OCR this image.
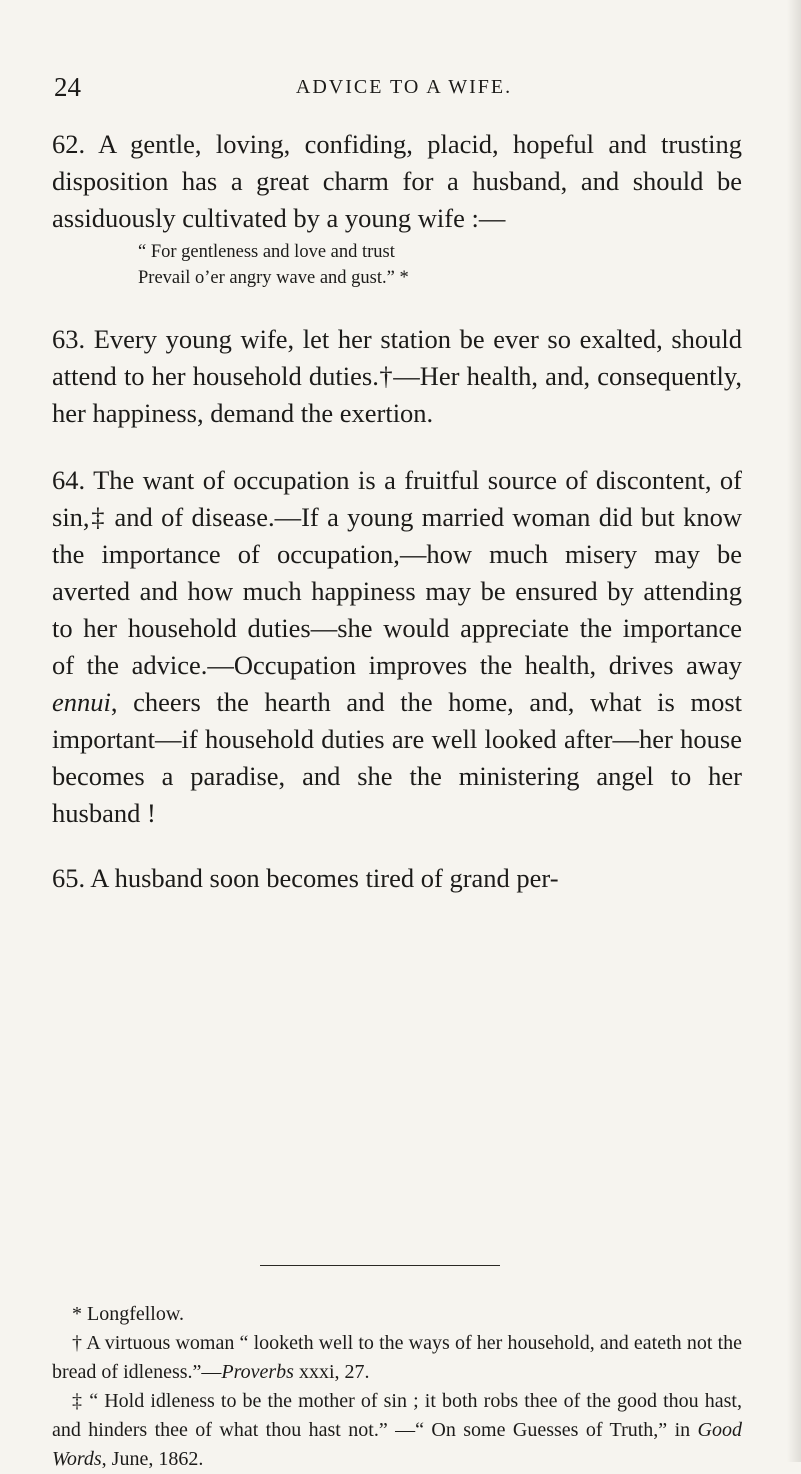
24	ADVICE TO A WIFE.

62. A gentle, loving, confiding, placid, hopeful and trusting disposition has a great charm for a husband, and should be assiduously cultivated by a young wife :—

“ For gentleness and love and trust
Prevail o’er angry wave and gust.” *

63. Every young wife, let her station be ever so exalted, should attend to her household duties.†—Her health, and, consequently, her happiness, demand the exertion.

64. The want of occupation is a fruitful source of discontent, of sin,‡ and of disease.—If a young married woman did but know the importance of occupation,—how much misery may be averted and how much happiness may be ensured by attending to her household duties—she would appreciate the importance of the advice.—Occupation improves the health, drives away ennui, cheers the hearth and the home, and, what is most important—if household duties are well looked after—her house becomes a paradise, and she the ministering angel to her husband !

65. A husband soon becomes tired of grand per-

* Longfellow.

† A virtuous woman “ looketh well to the ways of her household, and eateth not the bread of idleness.”—Proverbs xxxi, 27.

‡ “ Hold idleness to be the mother of sin ; it both robs thee of the good thou hast, and hinders thee of what thou hast not.” —“ On some Guesses of Truth,” in Good Words, June, 1862.
